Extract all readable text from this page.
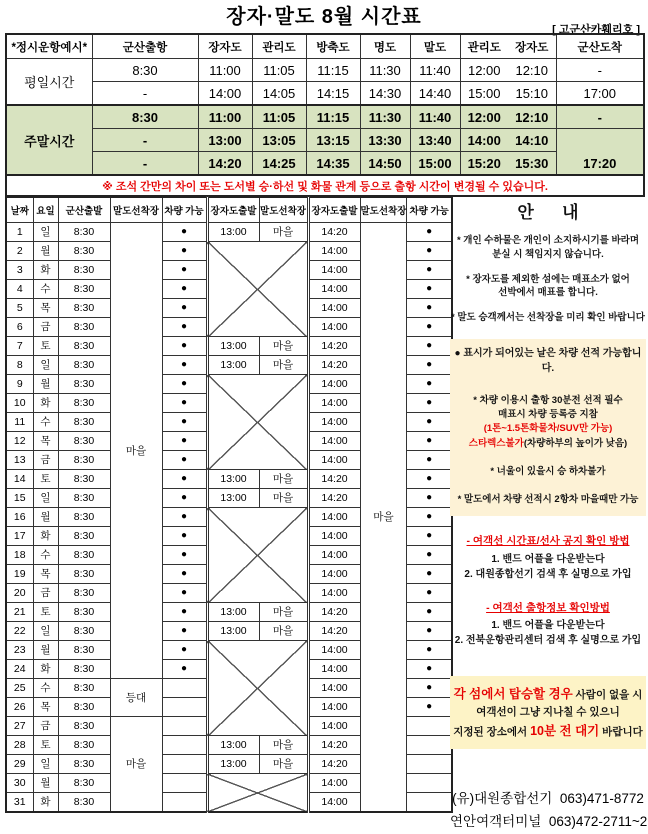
장자·말도 8월 시간표
[ 고군산카훼리호 ]
*정시운항예시*	군산출항	장자도	관리도	방축도	명도	말도	관리도	장자도	군산도착
평일시간	8:30	11:00	11:05	11:15	11:30	11:40	12:00	12:10	-
	-	14:00	14:05	14:15	14:30	14:40	15:00	15:10	17:00
주말시간	8:30	11:00	11:05	11:15	11:30	11:40	12:00	12:10	-
	-	13:00	13:05	13:15	13:30	13:40	14:00	14:10	17:20
	-	14:20	14:25	14:35	14:50	15:00	15:20	15:30	
※ 조석 간만의 차이 또는 도서별 승·하선 및 화물 관계 등으로 출항 시간이 변경될 수 있습니다.									
날짜	요일	군산출발	말도선착장	차량 가능	장자도출발	말도선착장	장자도출발	말도선착장	차량 가능
1	일	8:30	마을	●	13:00	마을	14:20	마을	●
2	월	8:30		●			14:00		●
3	화	8:30		●			14:00		●
4	수	8:30		●			14:00		●
5	목	8:30		●			14:00		●
6	금	8:30		●			14:00		●
7	토	8:30		●	13:00	마을	14:20		●
8	일	8:30		●	13:00	마을	14:20		●
9	월	8:30		●			14:00		●
10	화	8:30		●			14:00		●
11	수	8:30		●			14:00		●
12	목	8:30		●			14:00		●
13	금	8:30		●			14:00		●
14	토	8:30		●	13:00	마을	14:20		●
15	일	8:30		●	13:00	마을	14:20		●
16	월	8:30		●			14:00		●
17	화	8:30		●			14:00		●
18	수	8:30		●			14:00		●
19	목	8:30		●			14:00		●
20	금	8:30		●			14:00		●
21	토	8:30		●	13:00	마을	14:20		●
22	일	8:30		●	13:00	마을	14:20		●
23	월	8:30		●			14:00		●
24	화	8:30		●			14:00		●
25	수	8:30	등대				14:00		●
26	목	8:30					14:00		●
27	금	8:30	마을				14:00		
28	토	8:30			13:00	마을	14:20		
29	일	8:30			13:00	마을	14:20		
30	월	8:30					14:00		
31	화	8:30					14:00		
안      내
* 개인 수하물은 개인이 소지하시기를 바라며
분실 시 책임지지 않습니다.
* 장자도를 제외한 섬에는 매표소가 없어
선박에서 매표를 합니다.
* 말도 승객께서는 선착장을 미리 확인 바랍니다
● 표시가 되어있는 날은 차량 선적 가능합니다.
* 차량 이용시 출항 30분전 선적 필수
매표시 차량 등록증 지참
(1톤~1.5톤화물차/SUV만 가능)
스타렉스불가(차량하부의 높이가 낮음)
* 너울이 있을시 승 하차불가
* 말도에서 차량 선적시 2항차 마을때만 가능
- 여객선 시간표/선사 공지 확인 방법
1. 밴드 어플을 다운받는다
2. 대원종합선기 검색 후 실명으로 가입
- 여객선 출항정보 확인방법
1. 밴드 어플을 다운받는다
2. 전북운항관리센터 검색 후 실명으로 가입
각 섬에서 탑승할 경우 사람이 없을 시
여객선이 그냥 지나칠 수 있으니
지정된 장소에서 10분 전 대기 바랍니다
(유)대원종합선기 063)471-8772
연안여객터미널 063)472-2711~2
